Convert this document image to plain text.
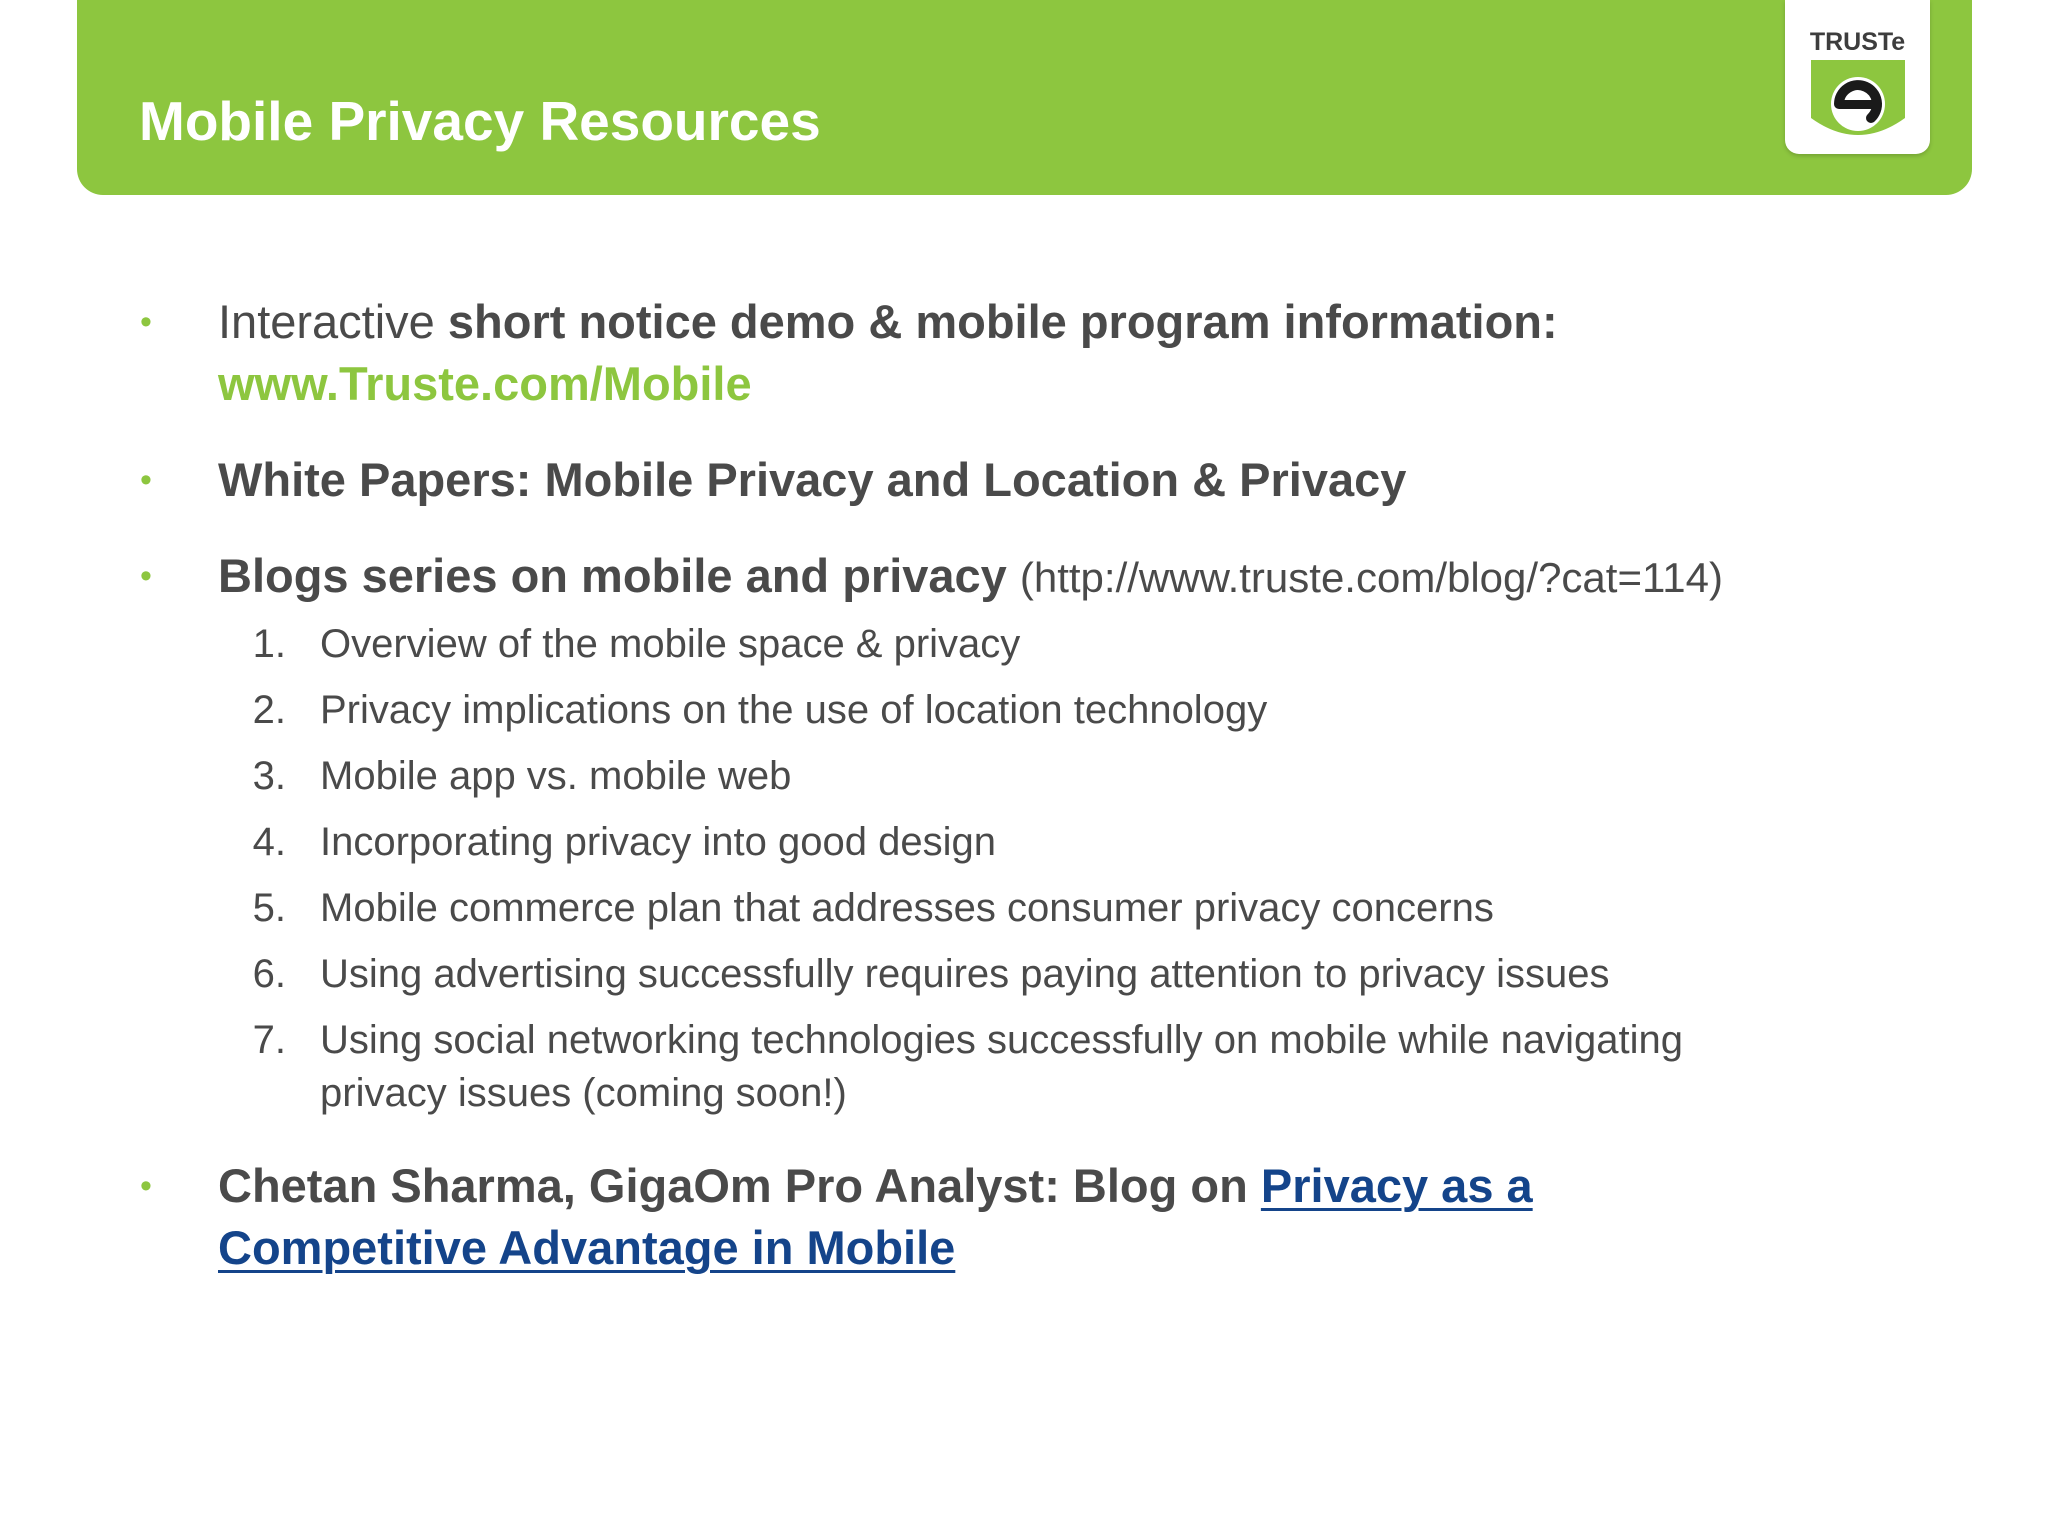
Mobile Privacy Resources
TRUSTe
• Interactive short notice demo & mobile program information:
www.Truste.com/Mobile
• White Papers: Mobile Privacy and Location & Privacy
• Blogs series on mobile and privacy (http://www.truste.com/blog/?cat=114)
1. Overview of the mobile space & privacy
2. Privacy implications on the use of location technology
3. Mobile app vs. mobile web
4. Incorporating privacy into good design
5. Mobile commerce plan that addresses consumer privacy concerns
6. Using advertising successfully requires paying attention to privacy issues
7. Using social networking technologies successfully on mobile while navigating
privacy issues (coming soon!)
• Chetan Sharma, GigaOm Pro Analyst: Blog on Privacy as a
Competitive Advantage in Mobile
